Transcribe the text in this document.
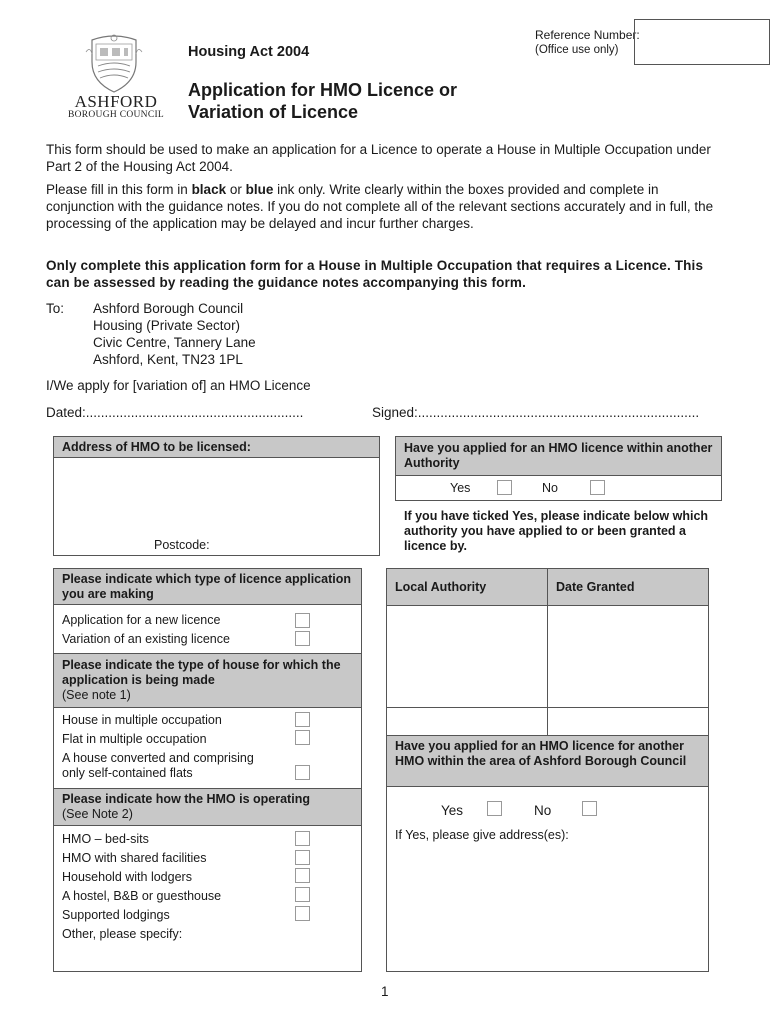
ASHFORD
BOROUGH COUNCIL
Housing Act 2004
Application for HMO Licence or
Variation of Licence
Reference Number:
(Office use only)
This form should be used to make an application for a Licence to operate a House in Multiple Occupation under Part 2 of the Housing Act 2004.
Please fill in this form in black or blue ink only. Write clearly within the boxes provided and complete in conjunction with the guidance notes. If you do not complete all of the relevant sections accurately and in full, the processing of the application may be delayed and incur further charges.
Only complete this application form for a House in Multiple Occupation that requires a Licence. This can be assessed by reading the guidance notes accompanying this form.
To: Ashford Borough Council
Housing (Private Sector)
Civic Centre, Tannery Lane
Ashford, Kent, TN23 1PL
I/We apply for [variation of] an HMO Licence
Dated:..........................................................	Signed:...........................................................................
Address of HMO to be licensed:
Postcode:
Have you applied for an HMO licence within another Authority
Yes	No
If you have ticked Yes, please indicate below which authority you have applied to or been granted a licence by.
Please indicate which type of licence application you are making
Application for a new licence
Variation of an existing licence
Please indicate the type of house for which the application is being made
(See note 1)
House in multiple occupation
Flat in multiple occupation
A house converted and comprising
only self-contained flats
Please indicate how the HMO is operating
(See Note 2)
HMO – bed-sits
HMO with shared facilities
Household with lodgers
A hostel, B&B or guesthouse
Supported lodgings
Other, please specify:
Local Authority	Date Granted
Have you applied for an HMO licence for another HMO within the area of Ashford Borough Council
Yes	No
If Yes, please give address(es):
1
